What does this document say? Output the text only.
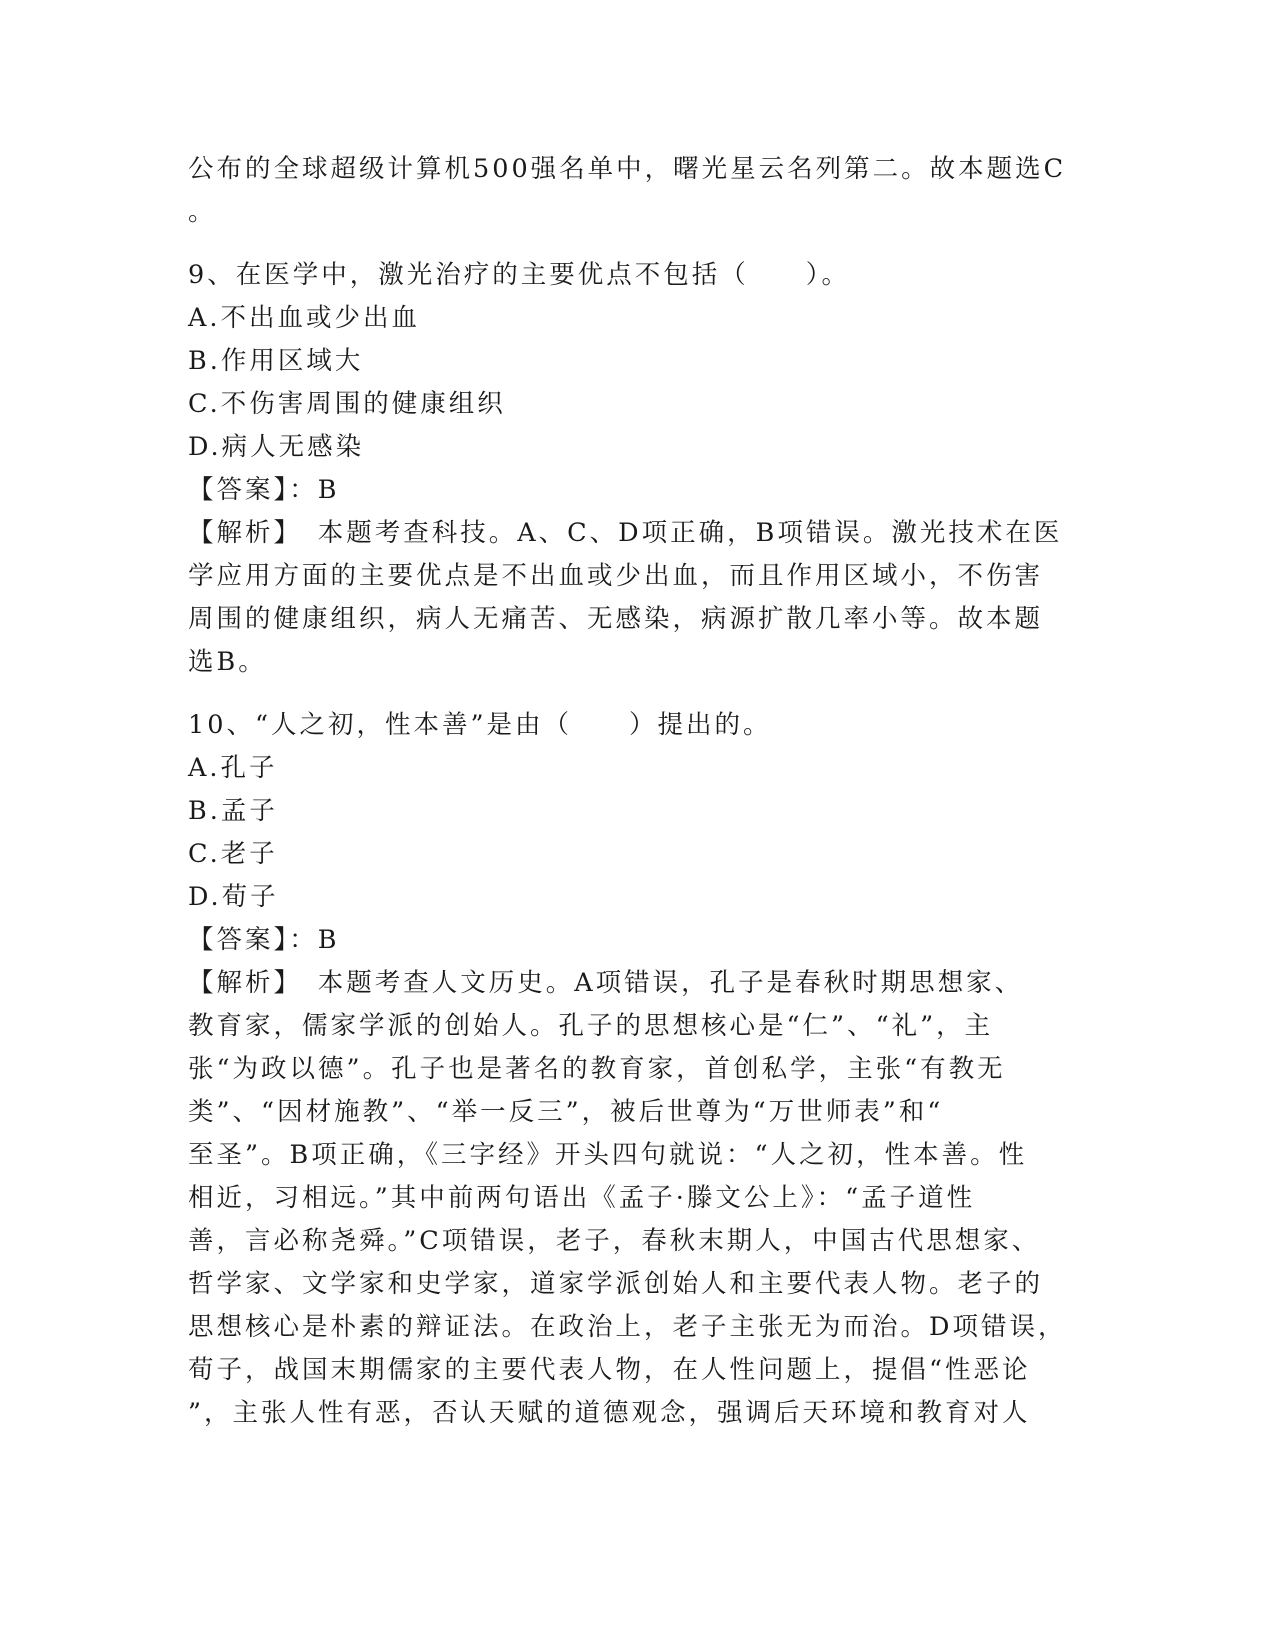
公布的全球超级计算机500强名单中，曙光星云名列第二。故本题选C
。
9、在医学中，激光治疗的主要优点不包括（　　）。
A.不出血或少出血
B.作用区域大
C.不伤害周围的健康组织
D.病人无感染
【答案】：B
【解析】　本题考查科技。A、C、D项正确，B项错误。激光技术在医
学应用方面的主要优点是不出血或少出血，而且作用区域小，不伤害
周围的健康组织，病人无痛苦、无感染，病源扩散几率小等。故本题
选B。
10、“人之初，性本善”是由（　　）提出的。
A.孔子
B.孟子
C.老子
D.荀子
【答案】：B
【解析】　本题考查人文历史。A项错误，孔子是春秋时期思想家、
教育家，儒家学派的创始人。孔子的思想核心是“仁”、“礼”，主
张“为政以德”。孔子也是著名的教育家，首创私学，主张“有教无
类”、“因材施教”、“举一反三”，被后世尊为“万世师表”和“
至圣”。B项正确，《三字经》开头四句就说：“人之初，性本善。性
相近，习相远。”其中前两句语出《孟子·滕文公上》：“孟子道性
善，言必称尧舜。”C项错误，老子，春秋末期人，中国古代思想家、
哲学家、文学家和史学家，道家学派创始人和主要代表人物。老子的
思想核心是朴素的辩证法。在政治上，老子主张无为而治。D项错误，
荀子，战国末期儒家的主要代表人物，在人性问题上，提倡“性恶论
”，主张人性有恶，否认天赋的道德观念，强调后天环境和教育对人
